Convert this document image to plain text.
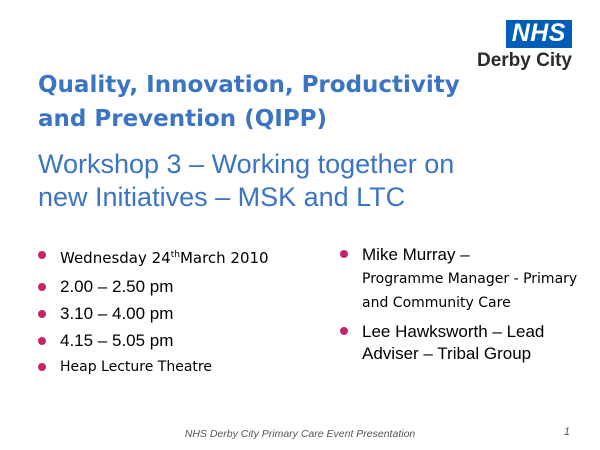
NHS
Derby City
Quality, Innovation, Productivity
and Prevention (QIPP)
Workshop 3 – Working together on
new Initiatives – MSK and LTC
Wednesday 24thMarch 2010
2.00 – 2.50 pm
3.10 – 4.00 pm
4.15 – 5.05 pm
Heap Lecture Theatre
Mike Murray –
Programme Manager - Primary and Community Care
Lee Hawksworth – Lead Adviser – Tribal Group
NHS Derby City Primary Care Event Presentation	1
